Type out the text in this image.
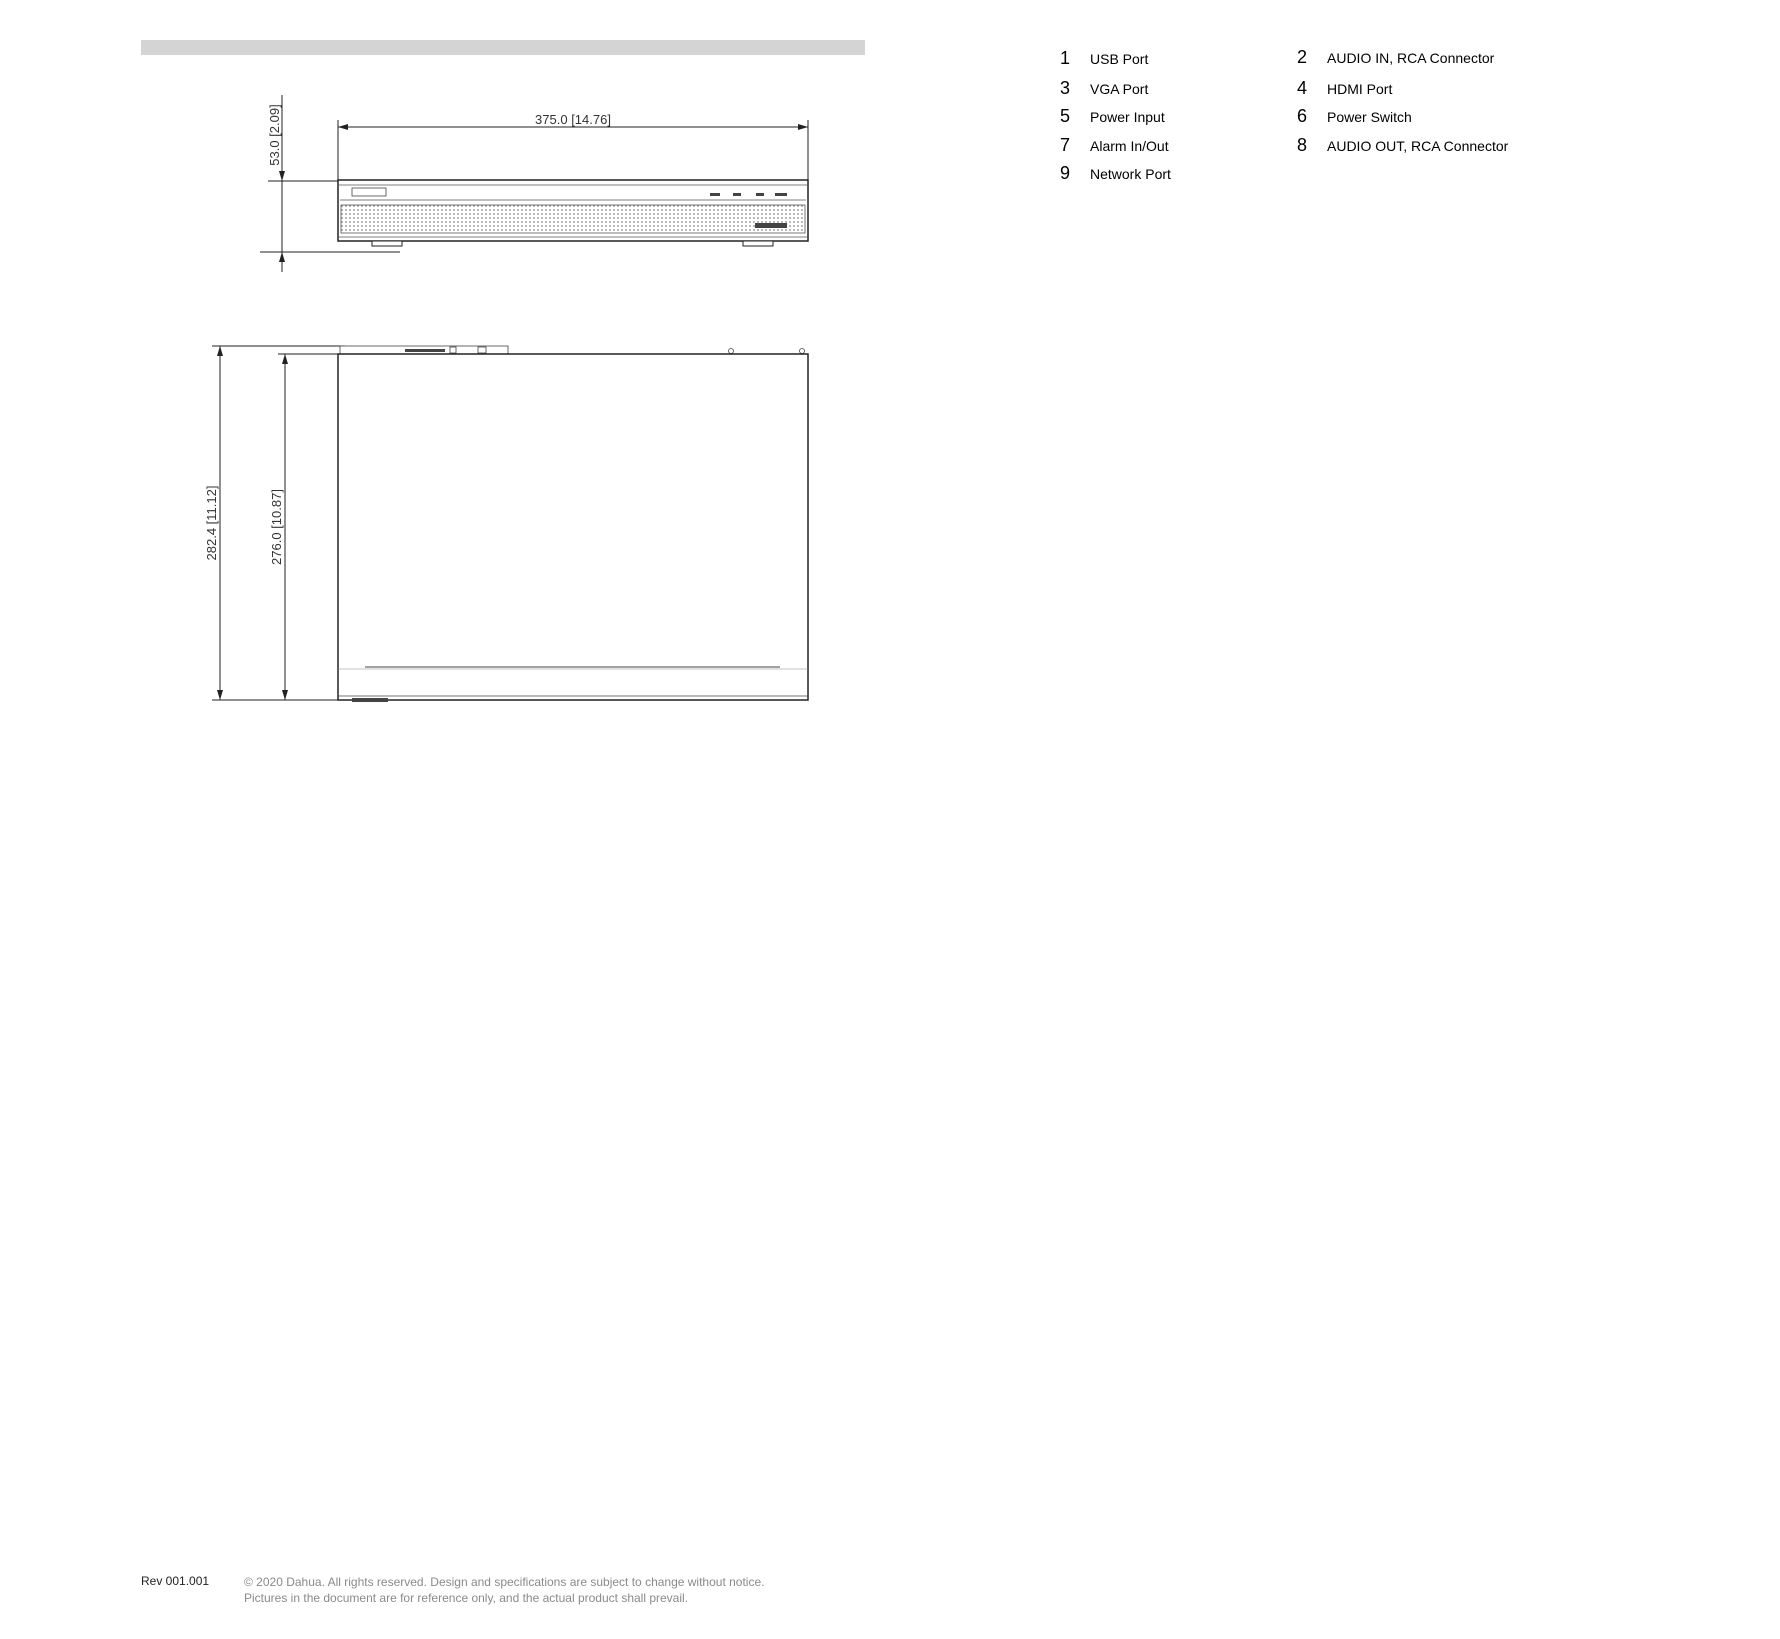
375.0 [14.76]
53.0 [2.09]
282.4 [11.12]	276.0 [10.87]
1	USB Port	2	AUDIO IN, RCA Connector
3	VGA Port	4	HDMI Port
5	Power Input	6	Power Switch
7	Alarm In/Out	8	AUDIO OUT, RCA Connector
9	Network Port
Rev 001.001	© 2020 Dahua. All rights reserved. Design and specifications are subject to change without notice.
Pictures in the document are for reference only, and the actual product shall prevail.
